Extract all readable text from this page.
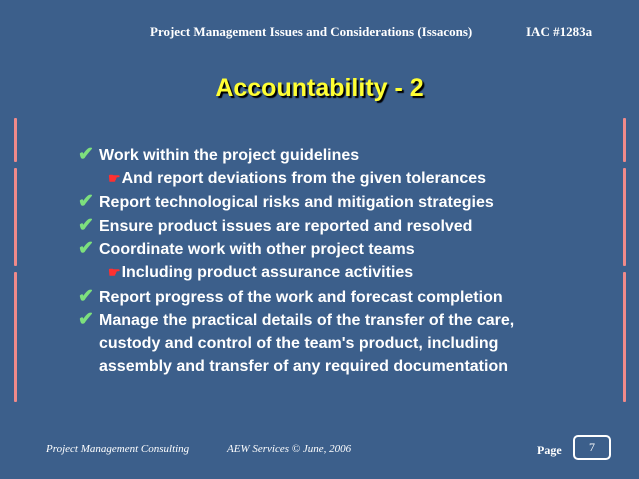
Project Management Issues and Considerations (Issacons)	IAC #1283a
Accountability - 2
✔ Work within the project guidelines
☛And report deviations from the given tolerances
✔ Report technological risks and mitigation strategies
✔ Ensure product issues are reported and resolved
✔ Coordinate work with other project teams
☛Including product assurance activities
✔ Report progress of the work and forecast completion
✔ Manage the practical details of the transfer of the care,
custody and control of the team's product, including
assembly and transfer of any required documentation
Project Management Consulting	AEW Services © June, 2006	Page	7
